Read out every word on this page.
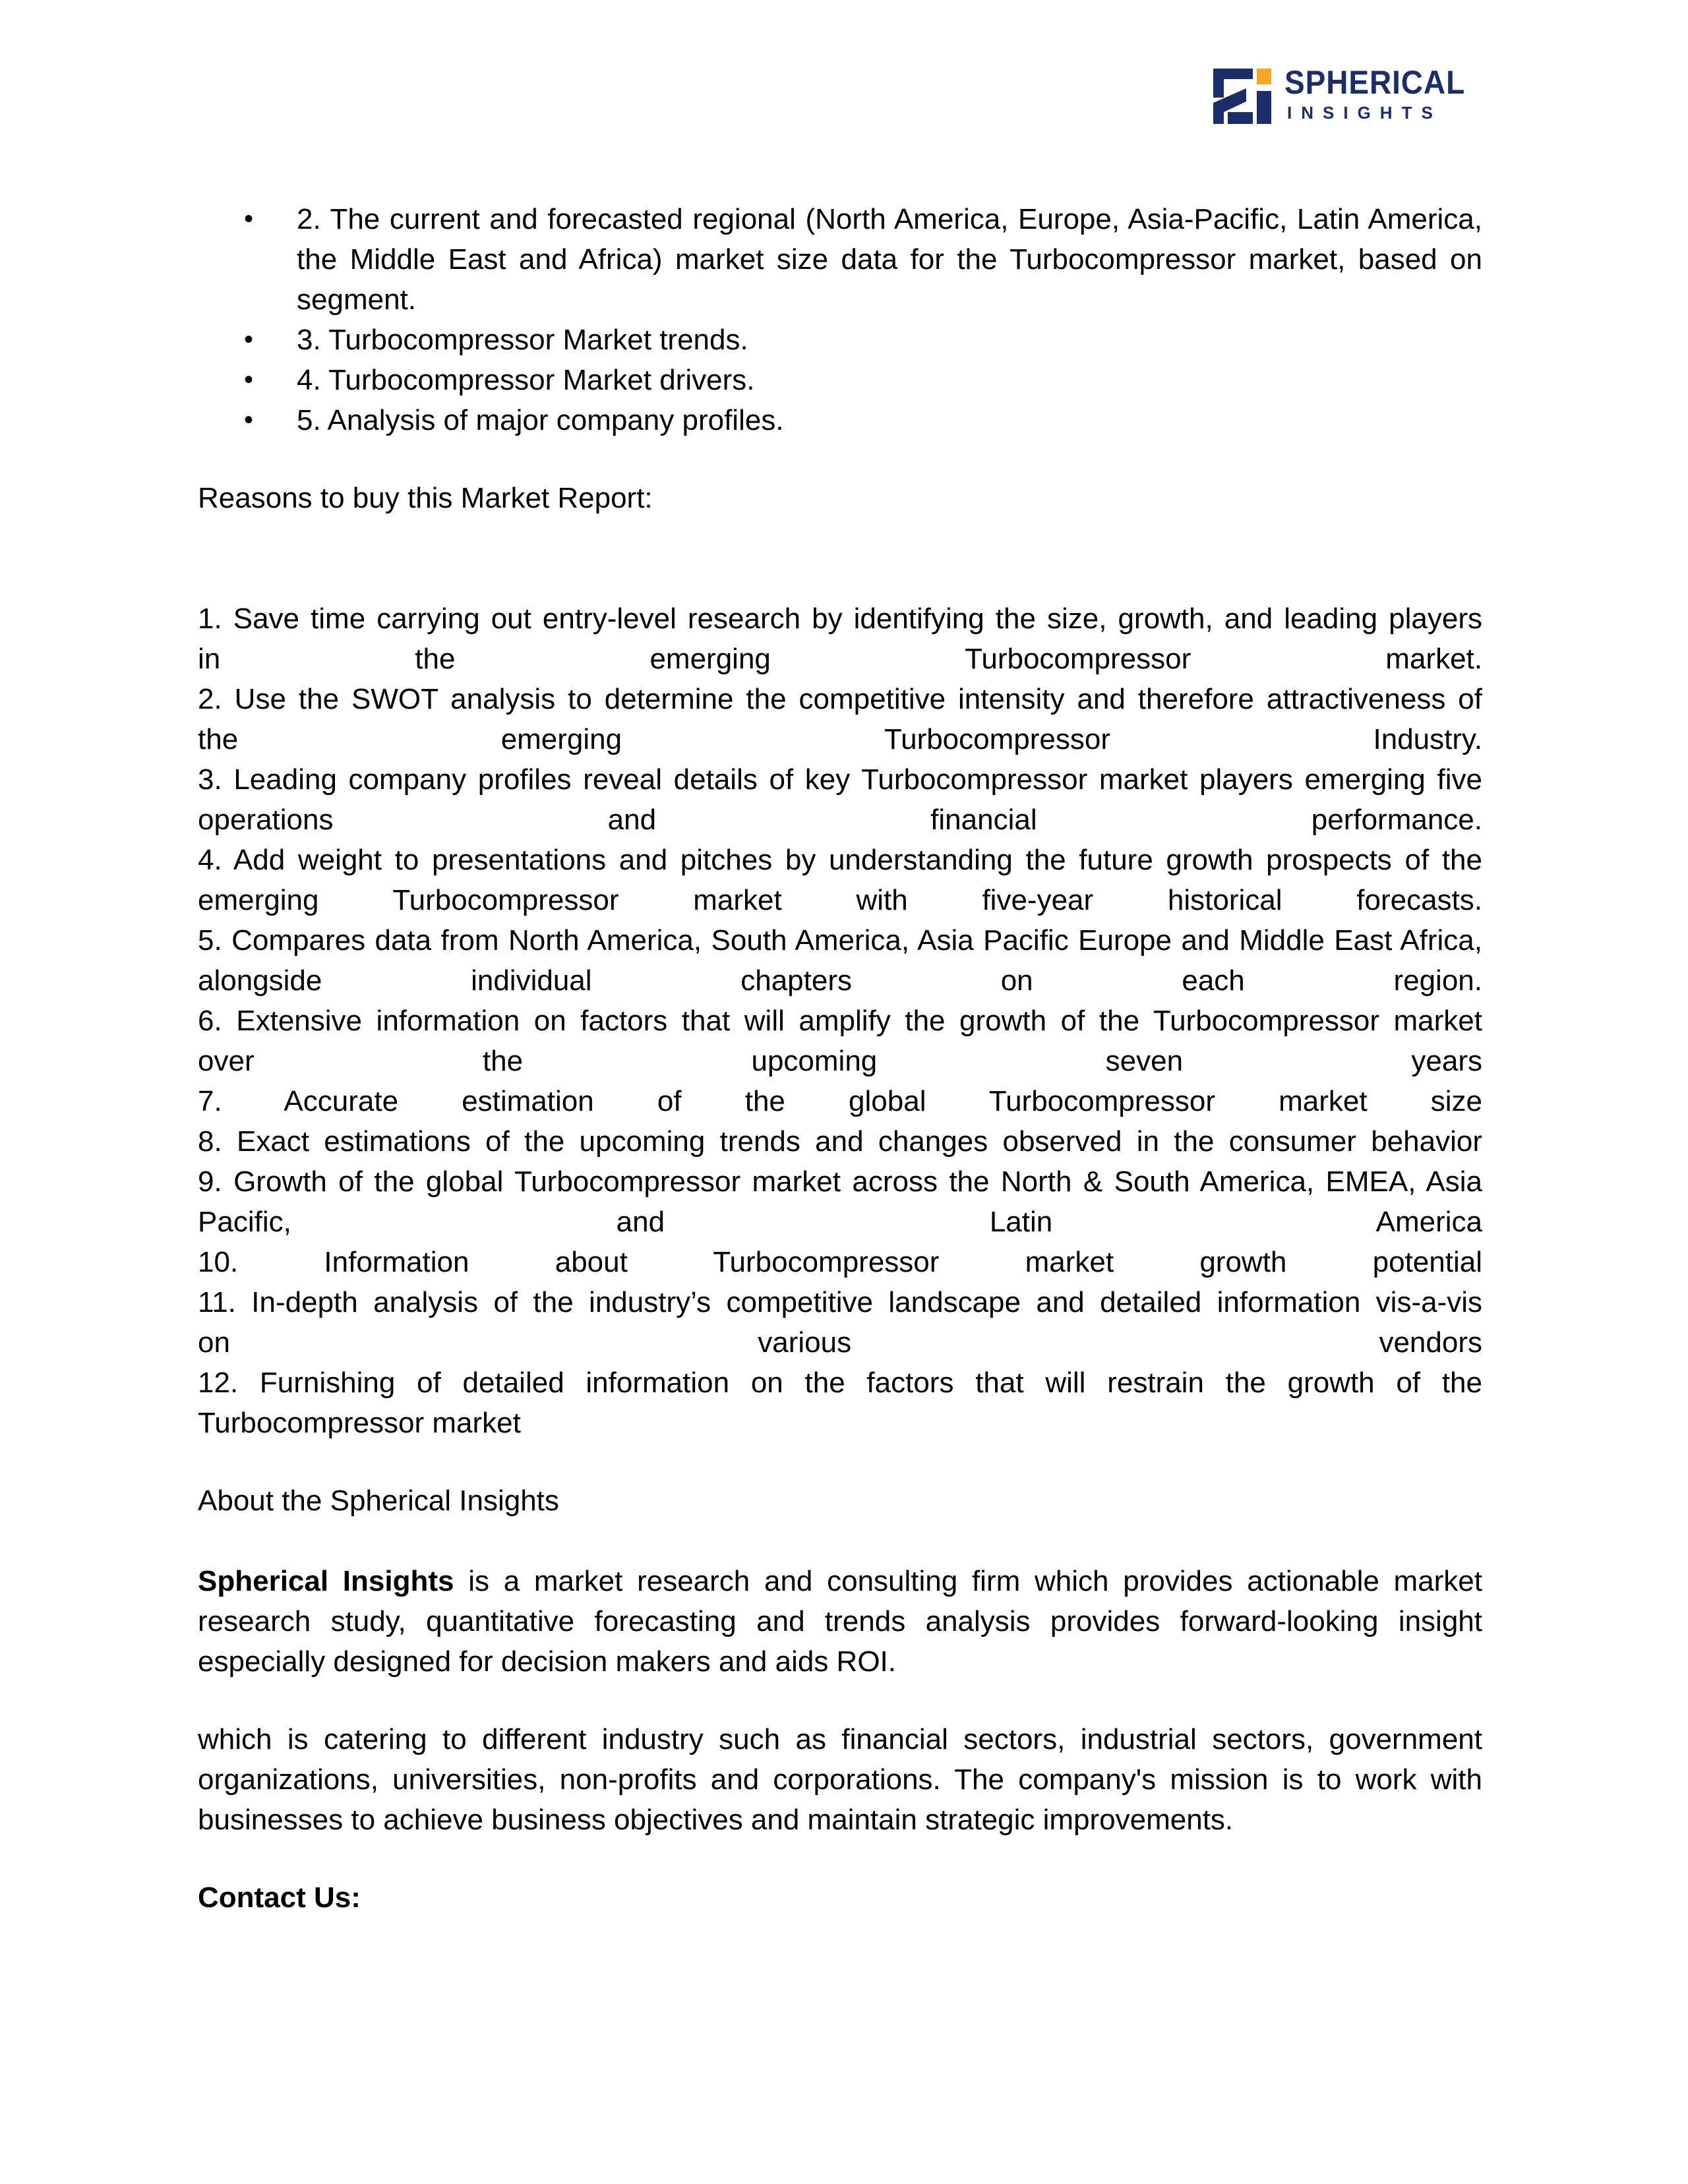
SPHERICAL
INSIGHTS
• 2. The current and forecasted regional (North America, Europe, Asia-Pacific, Latin America, the Middle East and Africa) market size data for the Turbocompressor market, based on segment.
• 3. Turbocompressor Market trends.
• 4. Turbocompressor Market drivers.
• 5. Analysis of major company profiles.

Reasons to buy this Market Report:

1. Save time carrying out entry-level research by identifying the size, growth, and leading players
in the emerging Turbocompressor market.
2. Use the SWOT analysis to determine the competitive intensity and therefore attractiveness of
the emerging Turbocompressor Industry.
3. Leading company profiles reveal details of key Turbocompressor market players emerging five
operations and financial performance.
4. Add weight to presentations and pitches by understanding the future growth prospects of the
emerging Turbocompressor market with five-year historical forecasts.
5. Compares data from North America, South America, Asia Pacific Europe and Middle East Africa,
alongside individual chapters on each region.
6. Extensive information on factors that will amplify the growth of the Turbocompressor market
over the upcoming seven years
7. Accurate estimation of the global Turbocompressor market size
8. Exact estimations of the upcoming trends and changes observed in the consumer behavior
9. Growth of the global Turbocompressor market across the North & South America, EMEA, Asia
Pacific, and Latin America
10. Information about Turbocompressor market growth potential
11. In-depth analysis of the industry’s competitive landscape and detailed information vis-a-vis
on various vendors
12. Furnishing of detailed information on the factors that will restrain the growth of the
Turbocompressor market

About the Spherical Insights

Spherical Insights is a market research and consulting firm which provides actionable market research study, quantitative forecasting and trends analysis provides forward-looking insight especially designed for decision makers and aids ROI.

which is catering to different industry such as financial sectors, industrial sectors, government organizations, universities, non-profits and corporations. The company's mission is to work with businesses to achieve business objectives and maintain strategic improvements.

Contact Us:
